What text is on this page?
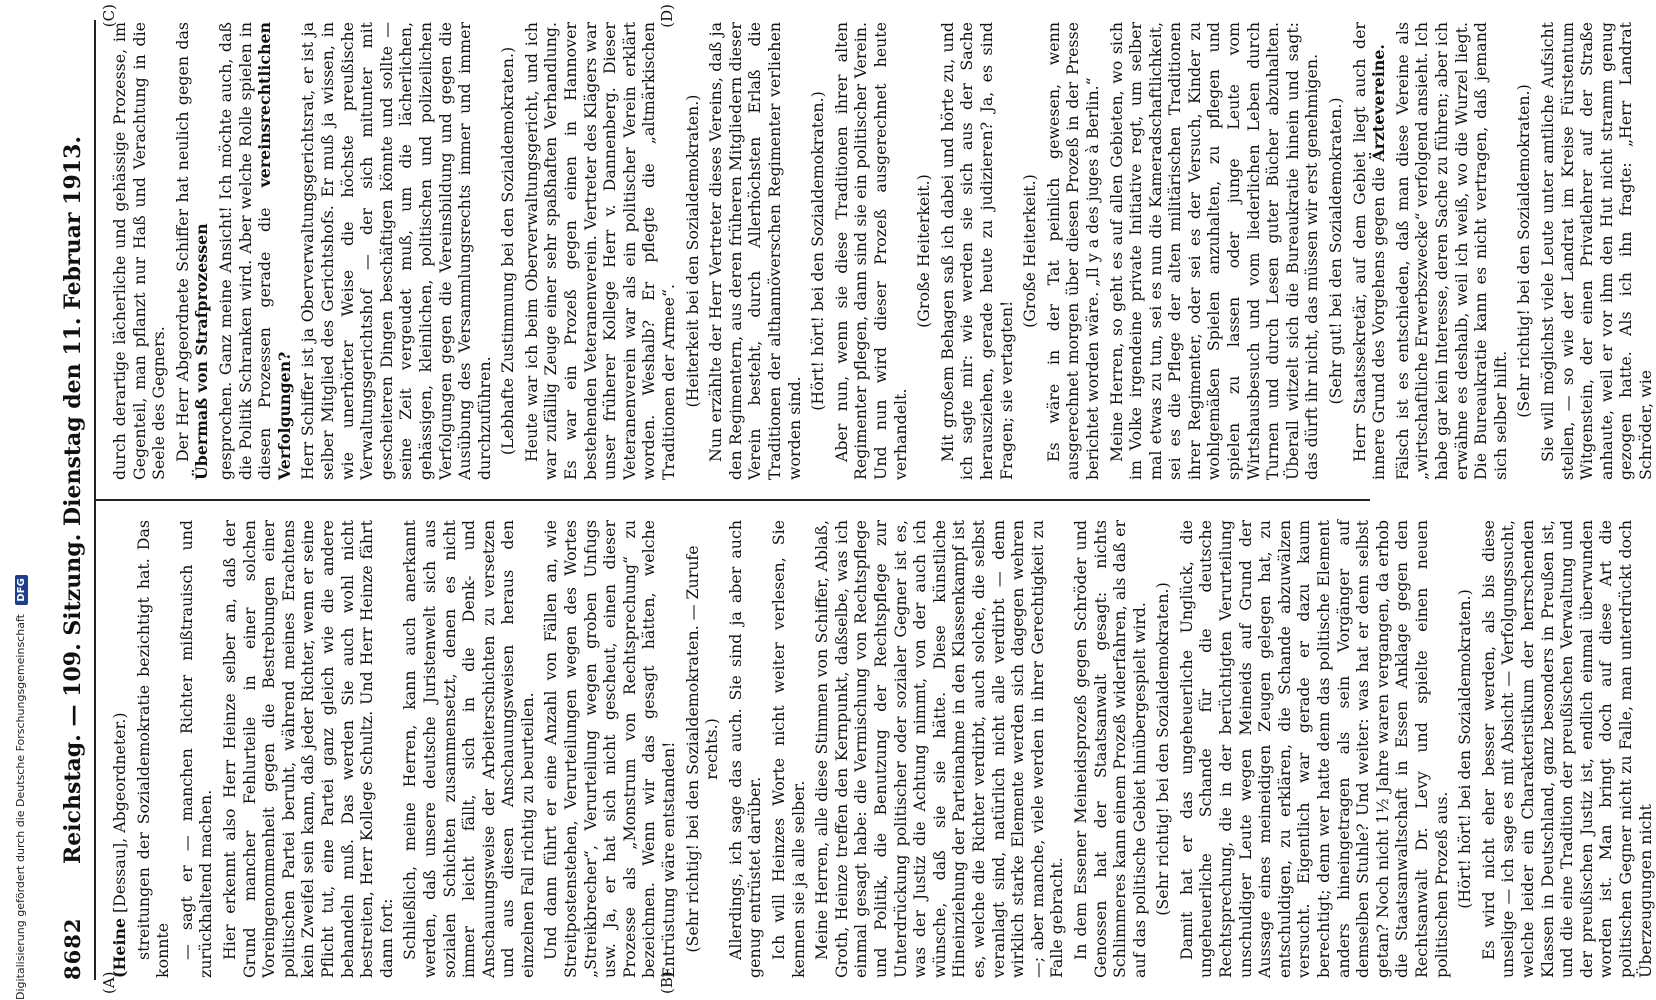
8682
Reichstag. — 109. Sitzung. Dienstag den 11. Februar 1913.
(A)	(B)
(C)	(D)

(Heine [Dessau], Abgeordneter.) streitungen der Sozialdemokratie bezichtigt hat. Das konnte — sagt er — manchen Richter mißtrauisch und zurückhaltend machen. Hier erkennt also Herr Heinze selber an, daß der Grund mancher Fehlurteile in einer solchen Voreingenommenheit gegen die Bestrebungen einer politischen Partei beruht, während meines Erachtens kein Zweifel sein kann, daß jeder Richter, wenn er seine Pflicht tut, eine Partei ganz gleich wie die andere behandeln muß. Das werden Sie auch wohl nicht bestreiten, Herr Kollege Schultz. Und Herr Heinze fährt dann fort: Schließlich, meine Herren, kann auch anerkannt werden, daß unsere deutsche Juristenwelt sich aus sozialen Schichten zusammensetzt, denen es nicht immer leicht fällt, sich in die Denk- und Anschauungsweise der Arbeiterschichten zu versetzen und aus diesen Anschauungsweisen heraus den einzelnen Fall richtig zu beurteilen. Und dann führt er eine Anzahl von Fällen an, wie Streitpostenstehen, Verurteilungen wegen des Wortes „Streikbrecher“, Verurteilung wegen groben Unfugs usw. Ja, er hat sich nicht gescheut, einen dieser Prozesse als „Monstrum von Rechtsprechung“ zu bezeichnen. Wenn wir das gesagt hätten, welche Entrüstung wäre entstanden! (Sehr richtig! bei den Sozialdemokraten. — Zurufe rechts.) Allerdings, ich sage das auch. Sie sind ja aber auch genug entrüstet darüber. Ich will Heinzes Worte nicht weiter verlesen, Sie kennen sie ja alle selber. Meine Herren, alle diese Stimmen von Schiffer, Ablaß, Groth, Heinze treffen den Kernpunkt, daßselbe, was ich einmal gesagt habe: die Vermischung von Rechtspflege und Politik, die Benutzung der Rechtspflege zur Unterdrückung politischer oder sozialer Gegner ist es, was der Justiz die Achtung nimmt, von der auch ich wünsche, daß sie sie hätte. Diese künstliche Hineinziehung der Parteinahme in den Klassenkampf ist es, welche die Richter verdirbt, auch solche, die selbst veranlagt sind, natürlich nicht alle verdirbt — denn wirklich starke Elemente werden sich dagegen wehren —; aber manche, viele werden in ihrer Gerechtigkeit zu Falle gebracht. In dem Essener Meineidsprozeß gegen Schröder und Genossen hat der Staatsanwalt gesagt: nichts Schlimmeres kann einem Prozeß widerfahren, als daß er auf das politische Gebiet hinübergespielt wird. (Sehr richtig! bei den Sozialdemokraten.) Damit hat er das ungeheuerliche Unglück, die ungeheuerliche Schande für die deutsche Rechtsprechung, die in der berüchtigten Verurteilung unschuldiger Leute wegen Meineids auf Grund der Aussage eines meineidigen Zeugen gelegen hat, zu entschuldigen, zu erklären, die Schande abzuwälzen versucht. Eigentlich war gerade er dazu kaum berechtigt; denn wer hatte denn das politische Element anders hineingetragen als sein Vorgänger auf demselben Stuhle? Und weiter: was hat er denn selbst getan? Noch nicht 1½ Jahre waren vergangen, da erhob die Staatsanwaltschaft in Essen Anklage gegen den Rechtsanwalt Dr. Levy und spielte einen neuen politischen Prozeß aus. (Hört! hört! bei den Sozialdemokraten.) Es wird nicht eher besser werden, als bis diese unselige — ich sage es mit Absicht — Verfolgungssucht, welche leider ein Charakteristikum der herrschenden Klassen in Deutschland, ganz besonders in Preußen ist, und die eine Tradition der preußischen Verwaltung und der preußischen Justiz ist, endlich einmal überwunden worden ist. Man bringt doch auf diese Art die politischen Gegner nicht zu Falle, man unterdrückt doch Überzeugungen nicht

durch derartige lächerliche und gehässige Prozesse, im Gegenteil, man pflanzt nur Haß und Verachtung in die Seele des Gegners. Der Herr Abgeordnete Schiffer hat neulich gegen das Übermaß von Strafprozessen gesprochen. Ganz meine Ansicht! Ich möchte auch, daß die Politik Schranken wird. Aber welche Rolle spielen in diesen Prozessen gerade die vereinsrechtlichen Verfolgungen? Herr Schiffer ist ja Oberverwaltungsgerichtsrat, er ist ja selber Mitglied des Gerichtshofs. Er muß ja wissen, in wie unerhörter Weise die höchste preußische Verwaltungsgerichtshof — der sich mitunter mit gescheiteren Dingen beschäftigen könnte und sollte — seine Zeit vergeudet muß, um die lächerlichen, gehässigen, kleinlichen, politischen und polizeilichen Verfolgungen gegen die Vereinsbildung und gegen die Ausübung des Versammlungsrechts immer und immer durchzuführen. (Lebhafte Zustimmung bei den Sozialdemokraten.) Heute war ich beim Oberverwaltungsgericht, und ich war zufällig Zeuge einer sehr spaßhaften Verhandlung. Es war ein Prozeß gegen einen in Hannover bestehenden Veteranenverein. Vertreter des Klägers war unser früherer Kollege Herr v. Dannenberg. Dieser Veteranenverein war als ein politischer Verein erklärt worden. Weshalb? Er pflegte die „altmärkischen Traditionen der Armee“. (Heiterkeit bei den Sozialdemokraten.) Nun erzählte der Herr Vertreter dieses Vereins, daß ja den Regimentern, aus deren früheren Mitgliedern dieser Verein besteht, durch Allerhöchsten Erlaß die Traditionen der althannöverschen Regimenter verliehen worden sind.

(Hört! hört! bei den Sozialdemokraten.) Aber nun, wenn sie diese Traditionen ihrer alten Regimenter pflegen, dann sind sie ein politischer Verein. Und nun wird dieser Prozeß ausgerechnet heute verhandelt.

(Große Heiterkeit.) Mit großem Behagen saß ich dabei und hörte zu, und ich sagte mir: wie werden sie sich aus der Sache herausziehen, gerade heute zu judizieren? Ja, es sind Fragen; sie vertagten!

(Große Heiterkeit.) Es wäre in der Tat peinlich gewesen, wenn ausgerechnet morgen über diesen Prozeß in der Presse berichtet worden wäre. „Il y a des juges à Berlin.“ Meine Herren, so geht es auf allen Gebieten, wo sich im Volke irgendeine private Initiative regt, um selber mal etwas zu tun, sei es nun die Kameradschaftlichkeit, sei es die Pflege der alten militärischen Traditionen ihrer Regimenter, oder sei es der Versuch, Kinder zu wohlgemäßen Spielen anzuhalten, zu pflegen und spielen zu lassen oder junge Leute vom Wirtshausbesuch und vom liederlichen Leben durch Turnen und durch Lesen guter Bücher abzuhalten. Überall witzelt sich die Bureaukratie hinein und sagt: das dürft ihr nicht, das müssen wir erst genehmigen. (Sehr gut! bei den Sozialdemokraten.) Herr Staatssekretär, auf dem Gebiet liegt auch der innere Grund des Vorgehens gegen die Ärztevereine. Fälsch ist es entschieden, daß man diese Vereine als „wirtschaftliche Erwerbszwecke“ verfolgend ansieht. Ich habe gar kein Interesse, deren Sache zu führen; aber ich erwähne es deshalb, weil ich weiß, wo die Wurzel liegt. Die Bureaukratie kann es nicht vertragen, daß jemand sich selber hilft. (Sehr richtig! bei den Sozialdemokraten.) Sie will möglichst viele Leute unter amtliche Aufsicht stellen, — so wie der Landrat im Kreise Fürstentum Witgenstein, der einen Privatlehrer auf der Straße anhaute, weil er vor ihm den Hut nicht stramm genug gezogen hatte. Als ich ihn fragte: „Herr Landrat Schröder, wie

Digitalisierung gefördert durch die Deutsche Forschungsgemeinschaft DFG
